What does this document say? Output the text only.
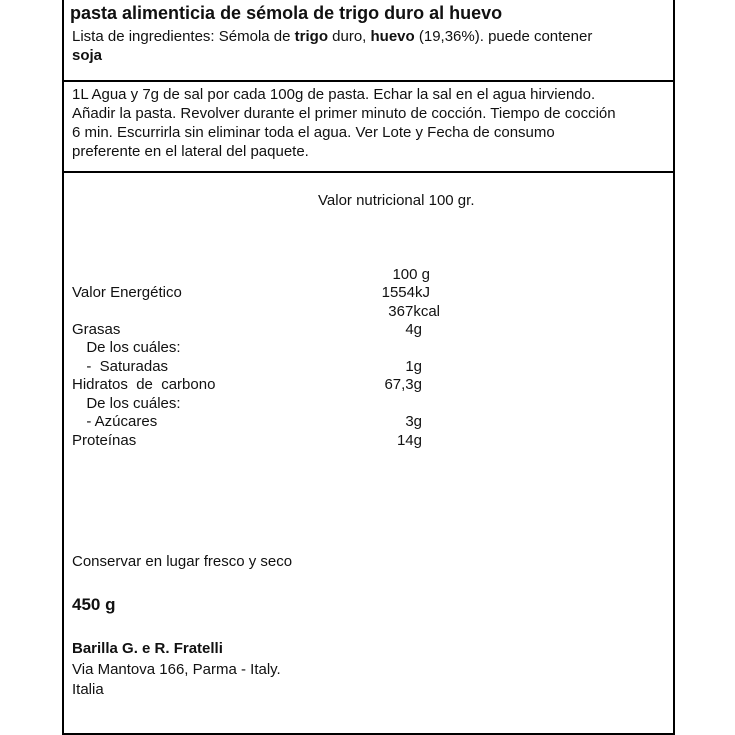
pasta alimenticia de sémola de trigo duro al huevo
Lista de ingredientes: Sémola de trigo duro, huevo (19,36%). puede contener
soja
1L Agua y 7g de sal por cada 100g de pasta. Echar la sal en el agua hirviendo.
Añadir la pasta. Revolver durante el primer minuto de cocción. Tiempo de cocción
6 min. Escurrirla sin eliminar toda el agua. Ver Lote y Fecha de consumo
preferente en el lateral del paquete.
Valor nutricional 100 gr.
100 g
Valor Energético	1554kJ
367kcal
Grasas	4g
De los cuáles:
-  Saturadas	1g
Hidratos  de  carbono	67,3g
De los cuáles:
- Azúcares	3g
Proteínas	14g
Conservar en lugar fresco y seco
450 g
Barilla G. e R. Fratelli
Via Mantova 166, Parma - Italy.
Italia
